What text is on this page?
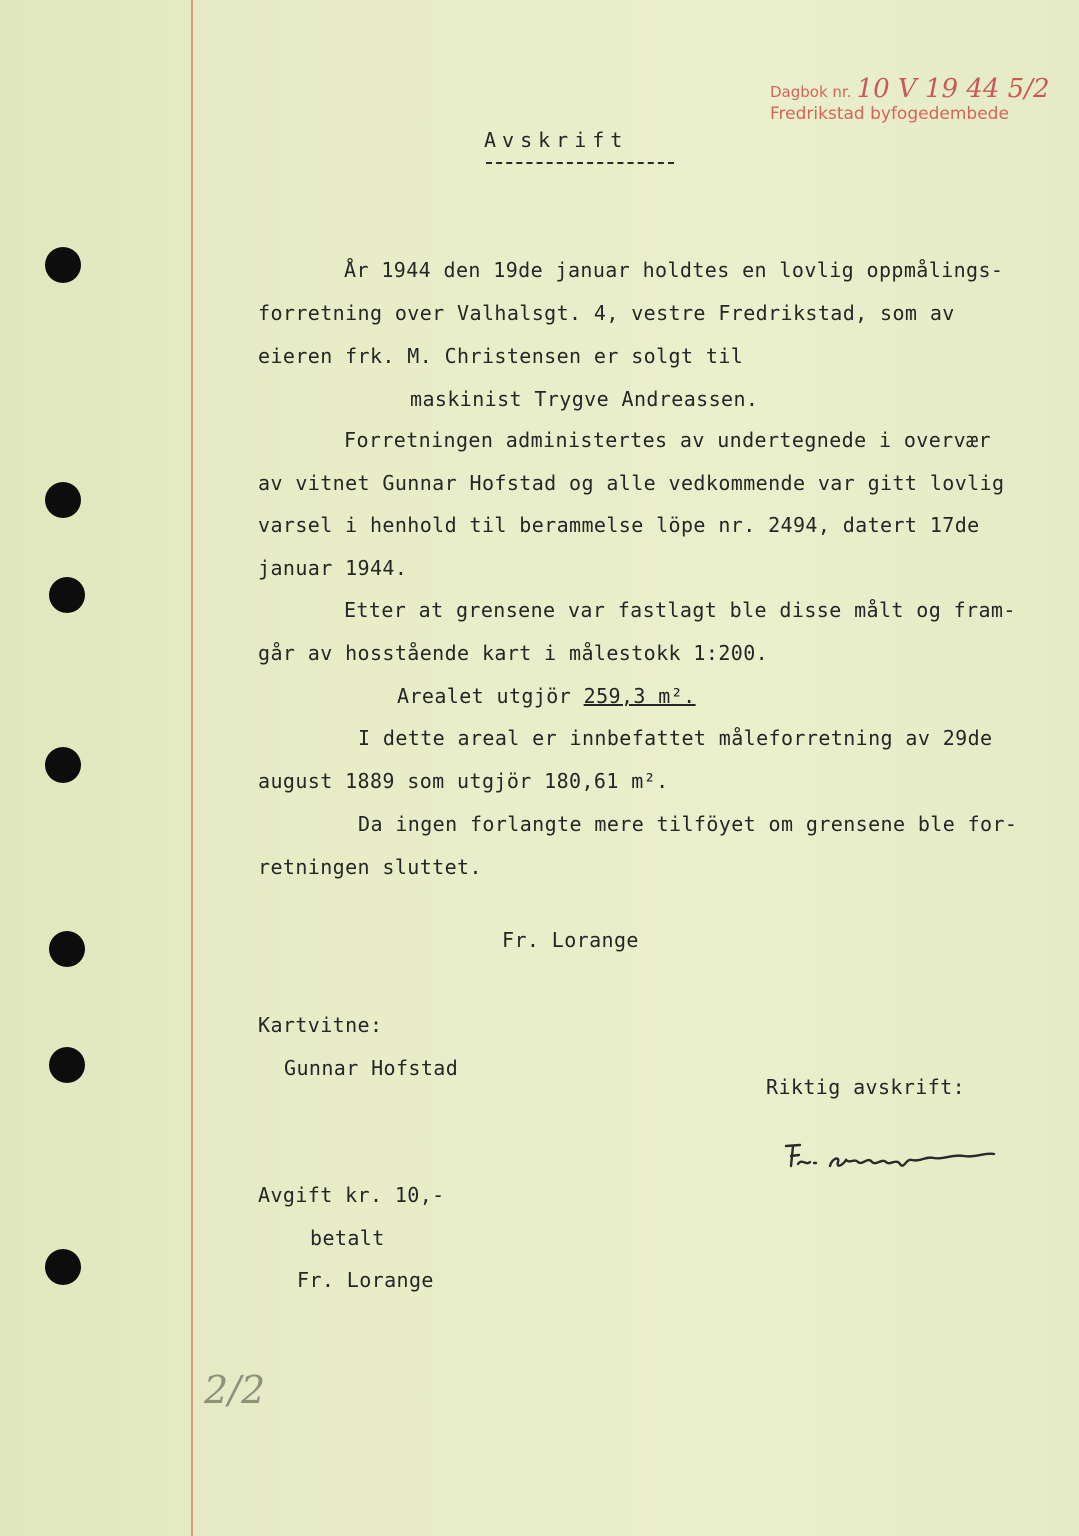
Dagbok nr. 10 V 19 44 5/2
Fredrikstad byfogedembede
Avskrift
År 1944 den 19de januar holdtes en lovlig oppmålings-
forretning over Valhalsgt. 4, vestre Fredrikstad, som av
eieren frk. M. Christensen er solgt til
maskinist Trygve Andreassen.
Forretningen administertes av undertegnede i overvær
av vitnet Gunnar Hofstad og alle vedkommende var gitt lovlig
varsel i henhold til berammelse löpe nr. 2494, datert 17de
januar 1944.
Etter at grensene var fastlagt ble disse målt og fram-
går av hosstående kart i målestokk 1:200.
Arealet utgjör 259,3 m².
I dette areal er innbefattet måleforretning av 29de
august 1889 som utgjör 180,61 m².
Da ingen forlangte mere tilföyet om grensene ble for-
retningen sluttet.
Fr. Lorange
Kartvitne:
Gunnar Hofstad
Riktig avskrift:
Avgift kr. 10,-
betalt
Fr. Lorange
2/2
